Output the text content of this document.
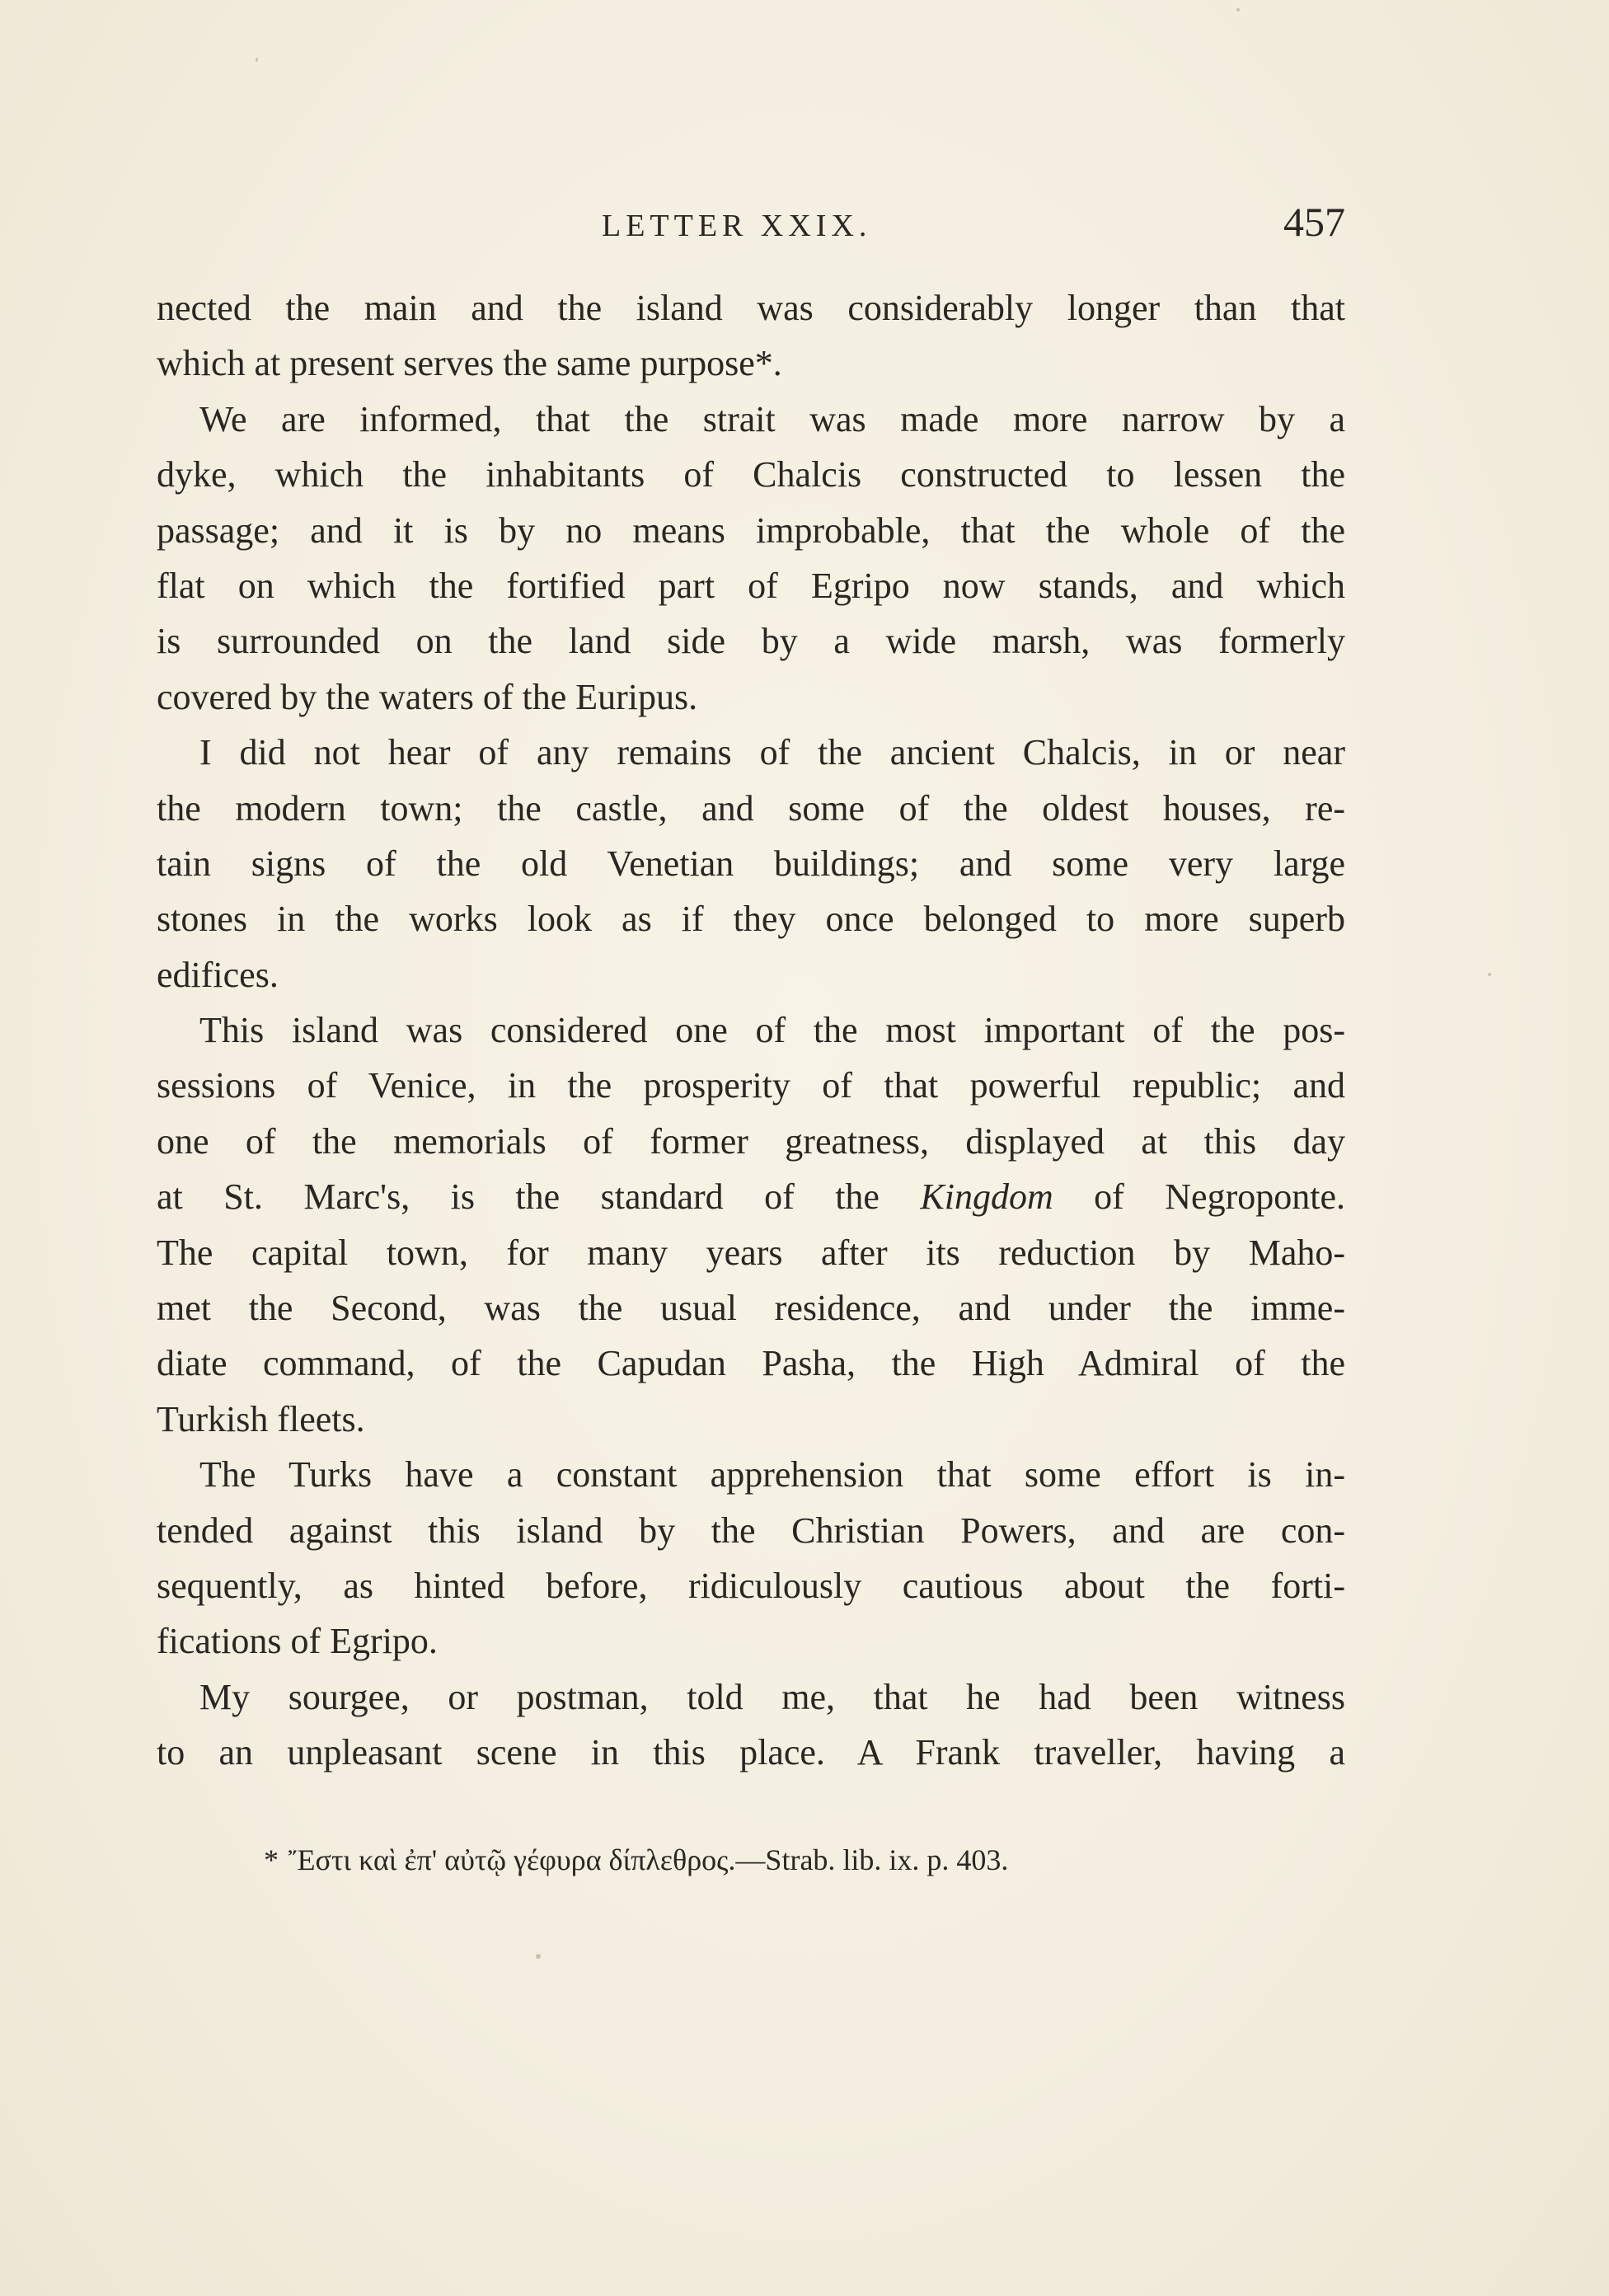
LETTER XXIX.	457
nected the main and the island was considerably longer than that
which at present serves the same purpose*.
We are informed, that the strait was made more narrow by a
dyke, which the inhabitants of Chalcis constructed to lessen the
passage; and it is by no means improbable, that the whole of the
flat on which the fortified part of Egripo now stands, and which
is surrounded on the land side by a wide marsh, was formerly
covered by the waters of the Euripus.
I did not hear of any remains of the ancient Chalcis, in or near
the modern town; the castle, and some of the oldest houses, re-
tain signs of the old Venetian buildings; and some very large
stones in the works look as if they once belonged to more superb
edifices.
This island was considered one of the most important of the pos-
sessions of Venice, in the prosperity of that powerful republic; and
one of the memorials of former greatness, displayed at this day
at St. Marc's, is the standard of the Kingdom of Negroponte.
The capital town, for many years after its reduction by Maho-
met the Second, was the usual residence, and under the imme-
diate command, of the Capudan Pasha, the High Admiral of the
Turkish fleets.
The Turks have a constant apprehension that some effort is in-
tended against this island by the Christian Powers, and are con-
sequently, as hinted before, ridiculously cautious about the forti-
fications of Egripo.
My sourgee, or postman, told me, that he had been witness
to an unpleasant scene in this place. A Frank traveller, having a
* Ἔστι καὶ ἐπ' αὐτῷ γέφυρα δίπλεθρος.—Strab. lib. ix. p. 403.
